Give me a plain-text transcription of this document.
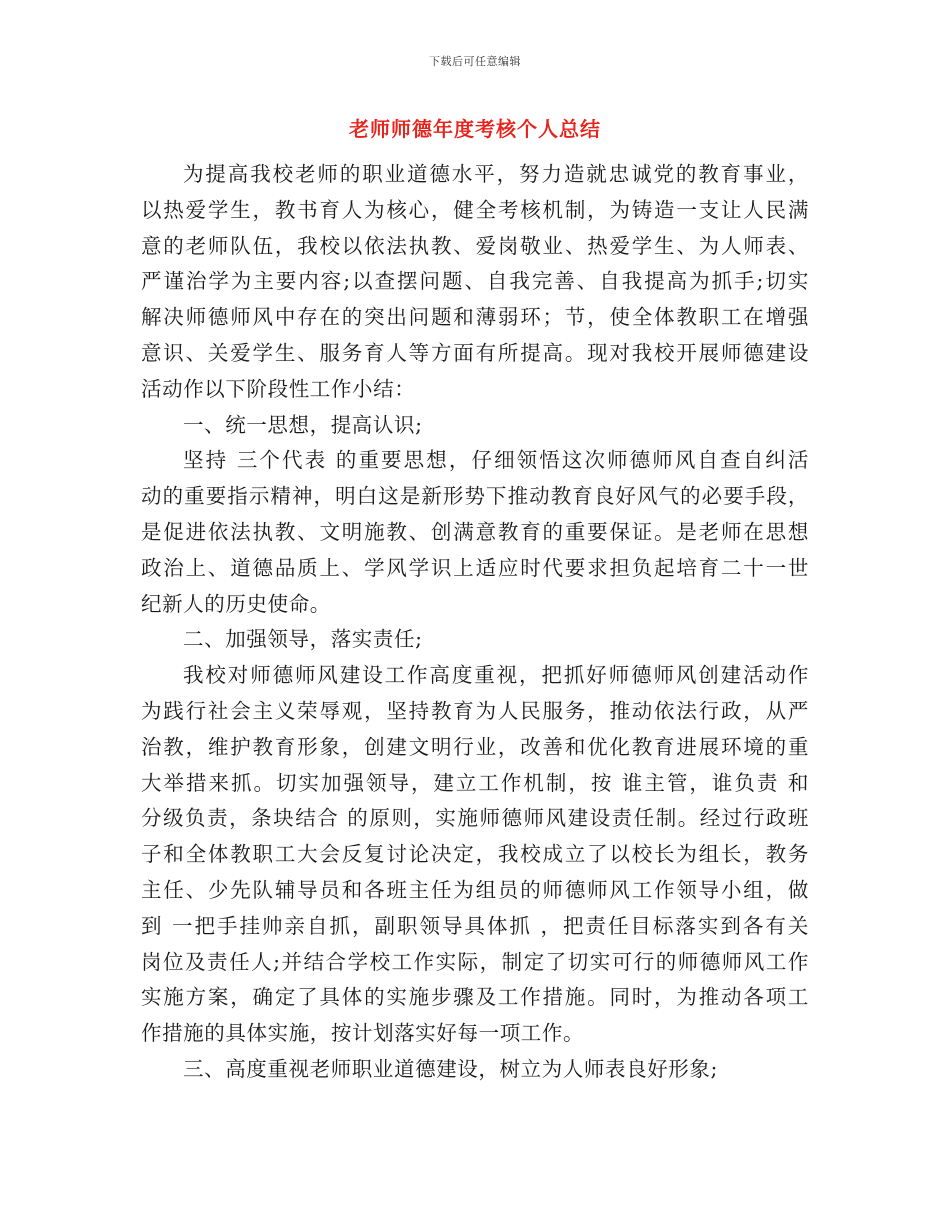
下载后可任意编辑
老师师德年度考核个人总结
为提高我校老师的职业道德水平，努力造就忠诚党的教育事业，
以热爱学生，教书育人为核心，健全考核机制，为铸造一支让人民满
意的老师队伍，我校以依法执教、爱岗敬业、热爱学生、为人师表、
严谨治学为主要内容;以查摆问题、自我完善、自我提高为抓手;切实
解决师德师风中存在的突出问题和薄弱环；节，使全体教职工在增强
意识、关爱学生、服务育人等方面有所提高。现对我校开展师德建设
活动作以下阶段性工作小结：
一、统一思想，提高认识;
坚持 三个代表 的重要思想，仔细领悟这次师德师风自查自纠活
动的重要指示精神，明白这是新形势下推动教育良好风气的必要手段，
是促进依法执教、文明施教、创满意教育的重要保证。是老师在思想
政治上、道德品质上、学风学识上适应时代要求担负起培育二十一世
纪新人的历史使命。
二、加强领导，落实责任;
我校对师德师风建设工作高度重视，把抓好师德师风创建活动作
为践行社会主义荣辱观，坚持教育为人民服务，推动依法行政，从严
治教，维护教育形象，创建文明行业，改善和优化教育进展环境的重
大举措来抓。切实加强领导，建立工作机制，按 谁主管，谁负责 和
分级负责，条块结合 的原则，实施师德师风建设责任制。经过行政班
子和全体教职工大会反复讨论决定，我校成立了以校长为组长，教务
主任、少先队辅导员和各班主任为组员的师德师风工作领导小组，做
到 一把手挂帅亲自抓，副职领导具体抓 ，把责任目标落实到各有关
岗位及责任人;并结合学校工作实际，制定了切实可行的师德师风工作
实施方案，确定了具体的实施步骤及工作措施。同时，为推动各项工
作措施的具体实施，按计划落实好每一项工作。
三、高度重视老师职业道德建设，树立为人师表良好形象;
